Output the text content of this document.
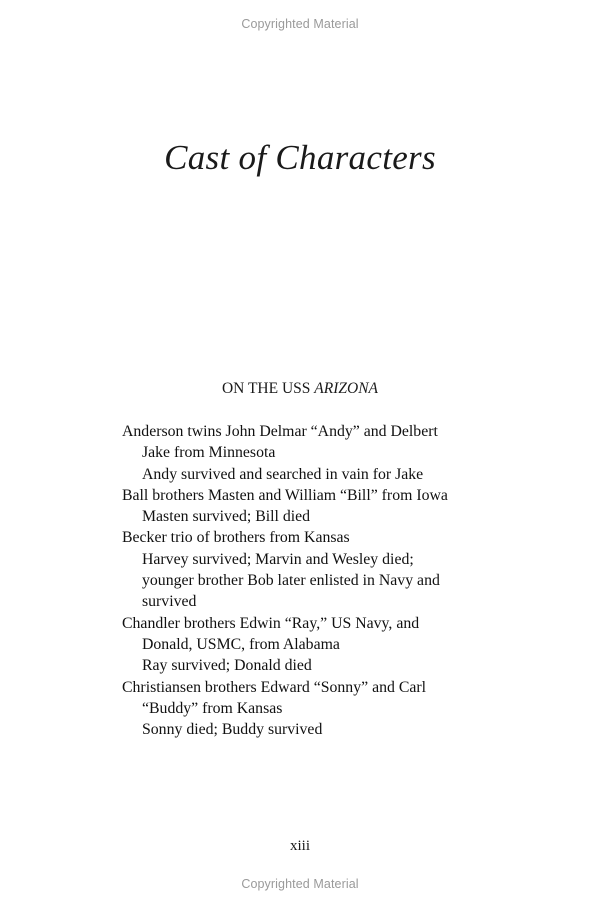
Copyrighted Material
Cast of Characters
ON THE USS ARIZONA
Anderson twins John Delmar “Andy” and Delbert
Jake from Minnesota
Andy survived and searched in vain for Jake
Ball brothers Masten and William “Bill” from Iowa
Masten survived; Bill died
Becker trio of brothers from Kansas
Harvey survived; Marvin and Wesley died;
younger brother Bob later enlisted in Navy and
survived
Chandler brothers Edwin “Ray,” US Navy, and
Donald, USMC, from Alabama
Ray survived; Donald died
Christiansen brothers Edward “Sonny” and Carl
“Buddy” from Kansas
Sonny died; Buddy survived
xiii
Copyrighted Material
